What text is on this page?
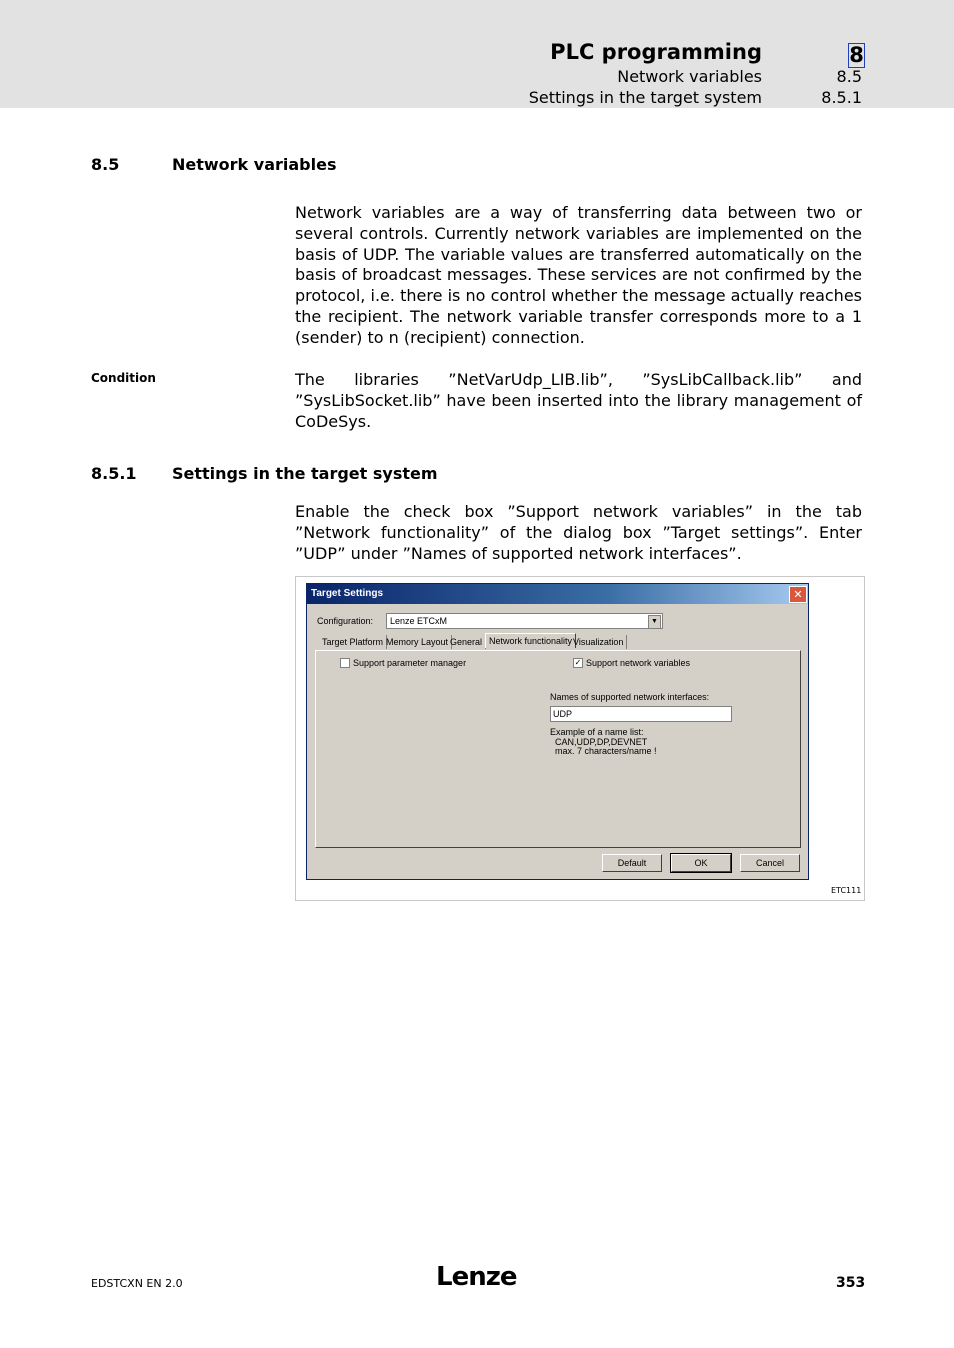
PLC programming	8
Network variables	8.5
Settings in the target system	8.5.1
8.5	Network variables
Network variables are a way of transferring data between two or several controls. Currently network variables are implemented on the basis of UDP. The variable values are transferred automatically on the basis of broadcast messages. These services are not confirmed by the protocol, i.e. there is no control whether the message actually reaches the recipient. The network variable transfer corresponds more to a 1 (sender) to n (recipient) connection.
Condition	The libraries ”NetVarUdp_LIB.lib”, ”SysLibCallback.lib” and ”SysLibSocket.lib” have been inserted into the library management of CoDeSys.
8.5.1 Settings in the target system
Enable the check box ”Support network variables” in the tab ”Network functionality” of the dialog box ”Target settings”. Enter ”UDP” under ”Names of supported network interfaces”.
Target Settings	✕
Configuration: Lenze ETCxM	▼
Target Platform Memory Layout General Network functionality Visualization
Support parameter manager	✓ Support network variables
Names of supported network interfaces:
UDP
Example of a name list:
CAN,UDP,DP,DEVNET
max. 7 characters/name !
Default	OK	Cancel
ETC111
EDSTCXN EN 2.0	Lenze	353
